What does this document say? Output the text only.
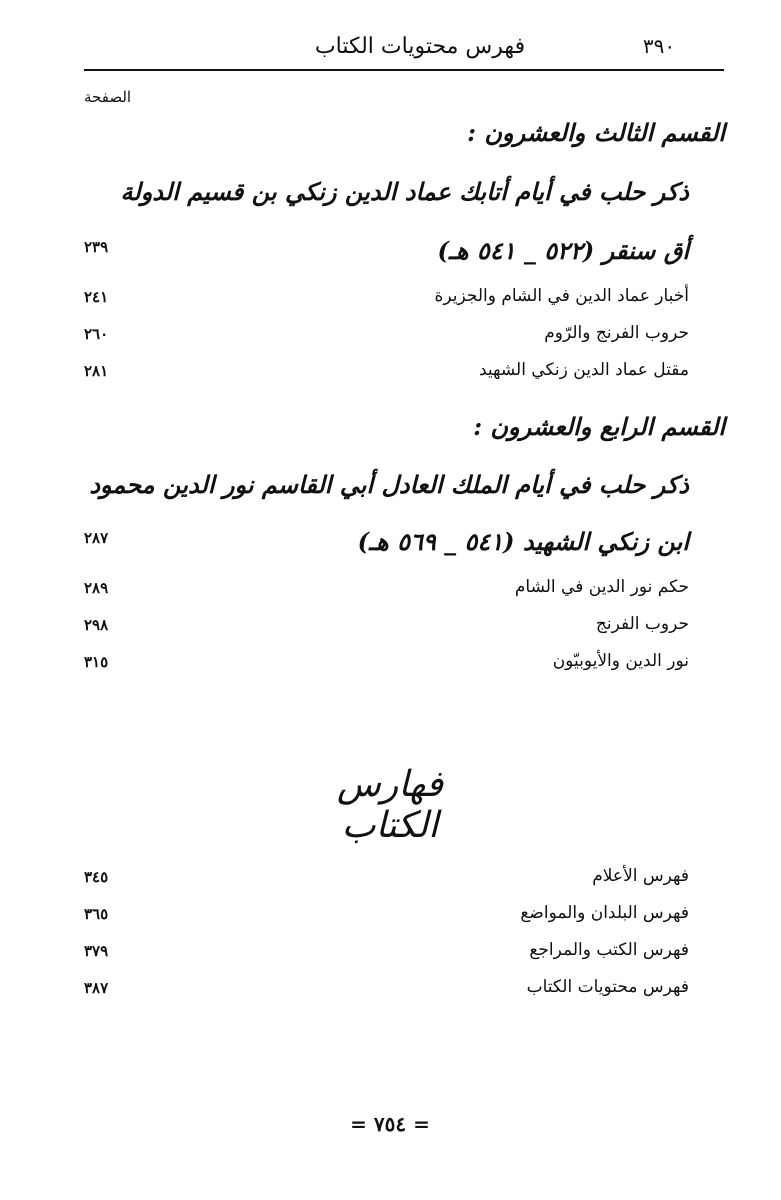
فهرس محتويات الكتاب	٣٩٠
الصفحة
القسم الثالث والعشرون :
ذكر حلب في أيام أتابك عماد الدين زنكي بن قسيم الدولة
أق سنقر (٥٢٢ _ ٥٤١ هـ)
٢٣٩
أخبار عماد الدين في الشام والجزيرة
٢٤١
حروب الفرنج والرّوم
٢٦٠
مقتل عماد الدين زنكي الشهيد
٢٨١
القسم الرابع والعشرون :
ذكر حلب في أيام الملك العادل أبي القاسم نور الدين محمود
ابن زنكي الشهيد (٥٤١ _ ٥٦٩ هـ)
٢٨٧
حكم نور الدين في الشام
٢٨٩
حروب الفرنج
٢٩٨
نور الدين والأيوبيّون
٣١٥
فهارس الكتاب
فهرس الأعلام
٣٤٥
فهرس البلدان والمواضع
٣٦٥
فهرس الكتب والمراجع
٣٧٩
فهرس محتويات الكتاب
٣٨٧
= ٧٥٤ =
